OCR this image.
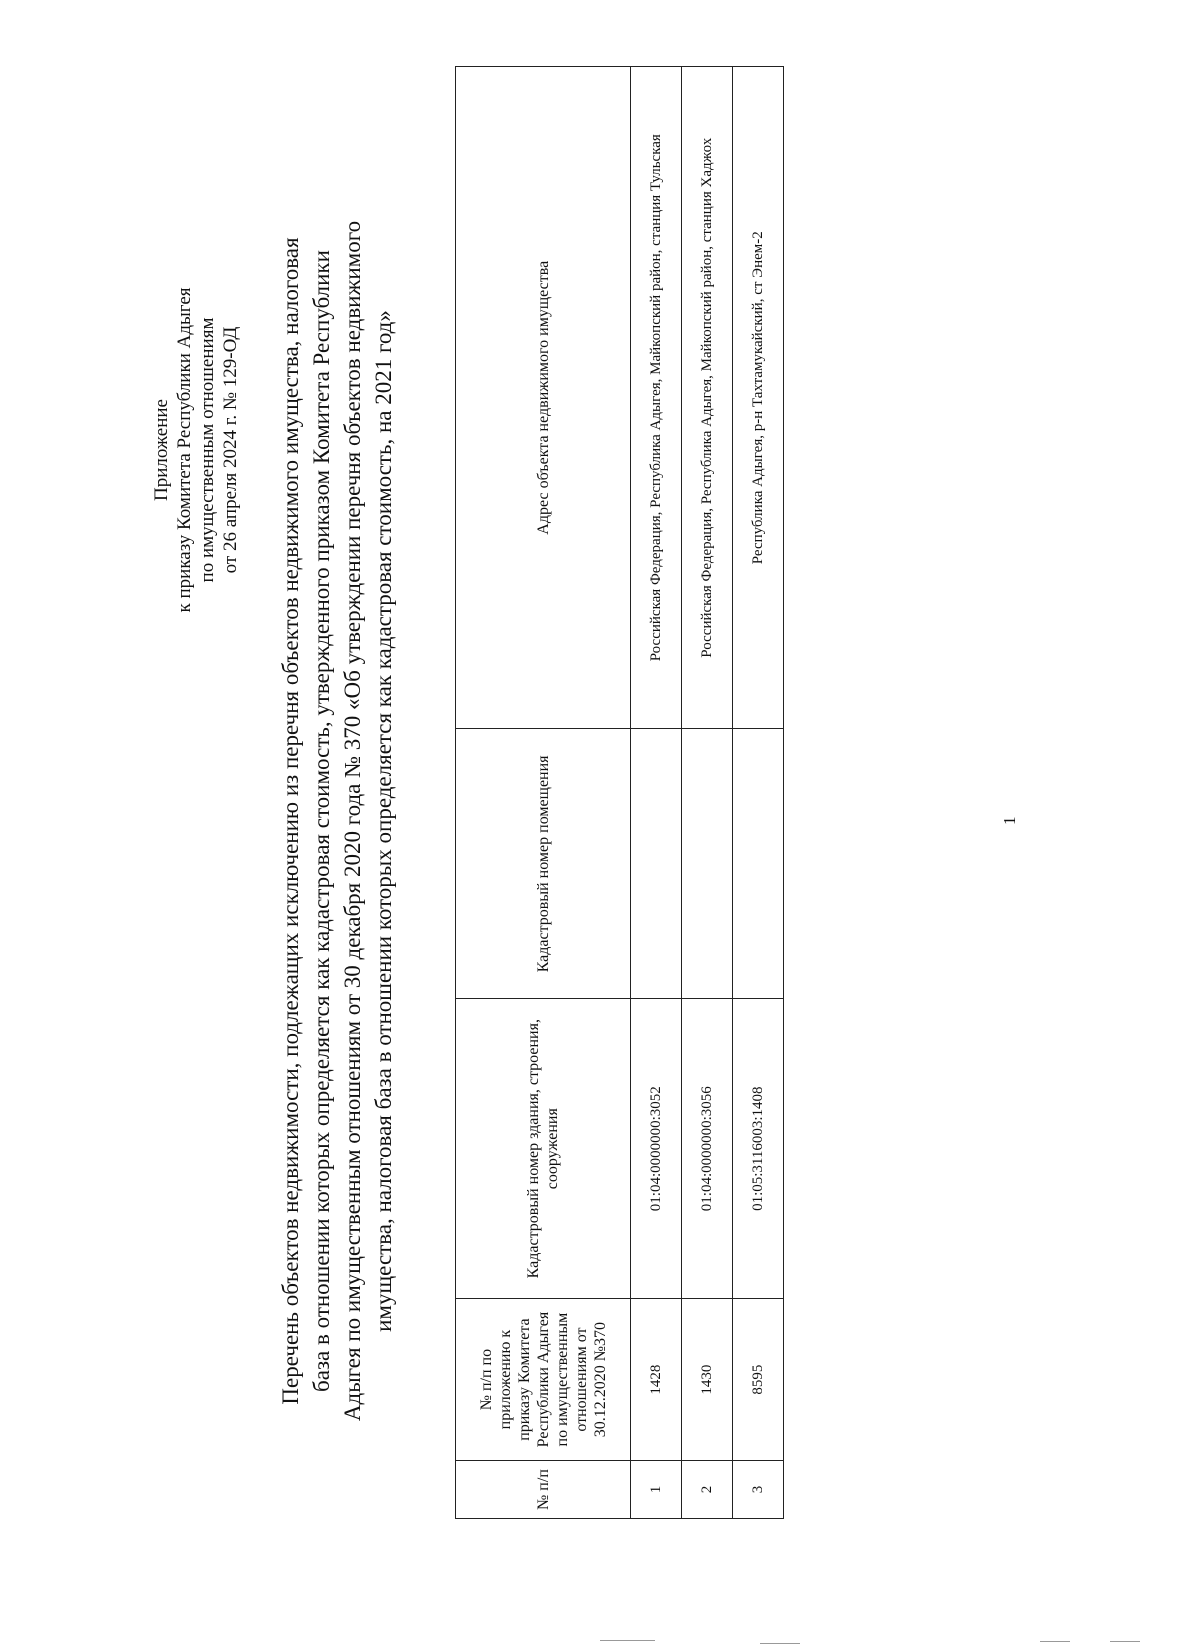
Приложение к приказу Комитета Республики Адыгея по имущественным отношениям от 26 апреля 2024 г. № 129-ОД Перечень объектов недвижимости, подлежащих исключению из перечня объектов недвижимого имущества, налоговая база в отношении которых определяется как кадастровая стоимость, утвержденного приказом Комитета Республики Адыгея по имущественным отношениям от 30 декабря 2020 года № 370 «Об утверждении перечня объектов недвижимого имущества, налоговая база в отношении которых определяется как кадастровая стоимость, на 2021 год»
№ п/п	№ п/п по приложению к приказу Комитета Республики Адыгея по имущественным отношениям от 30.12.2020 №370	Кадастровый номер здания, строения, сооружения	Кадастровый номер помещения	Адрес объекта недвижимого имущества
1	1428	01:04:0000000:3052		Российская Федерация, Республика Адыгея, Майкопский район, станция Тульская
2	1430	01:04:0000000:3056		Российская Федерация, Республика Адыгея, Майкопский район, станция Хаджох
3	8595	01:05:3116003:1408		Республика Адыгея, р-н Тахтамукайский, ст Энем-2
1
